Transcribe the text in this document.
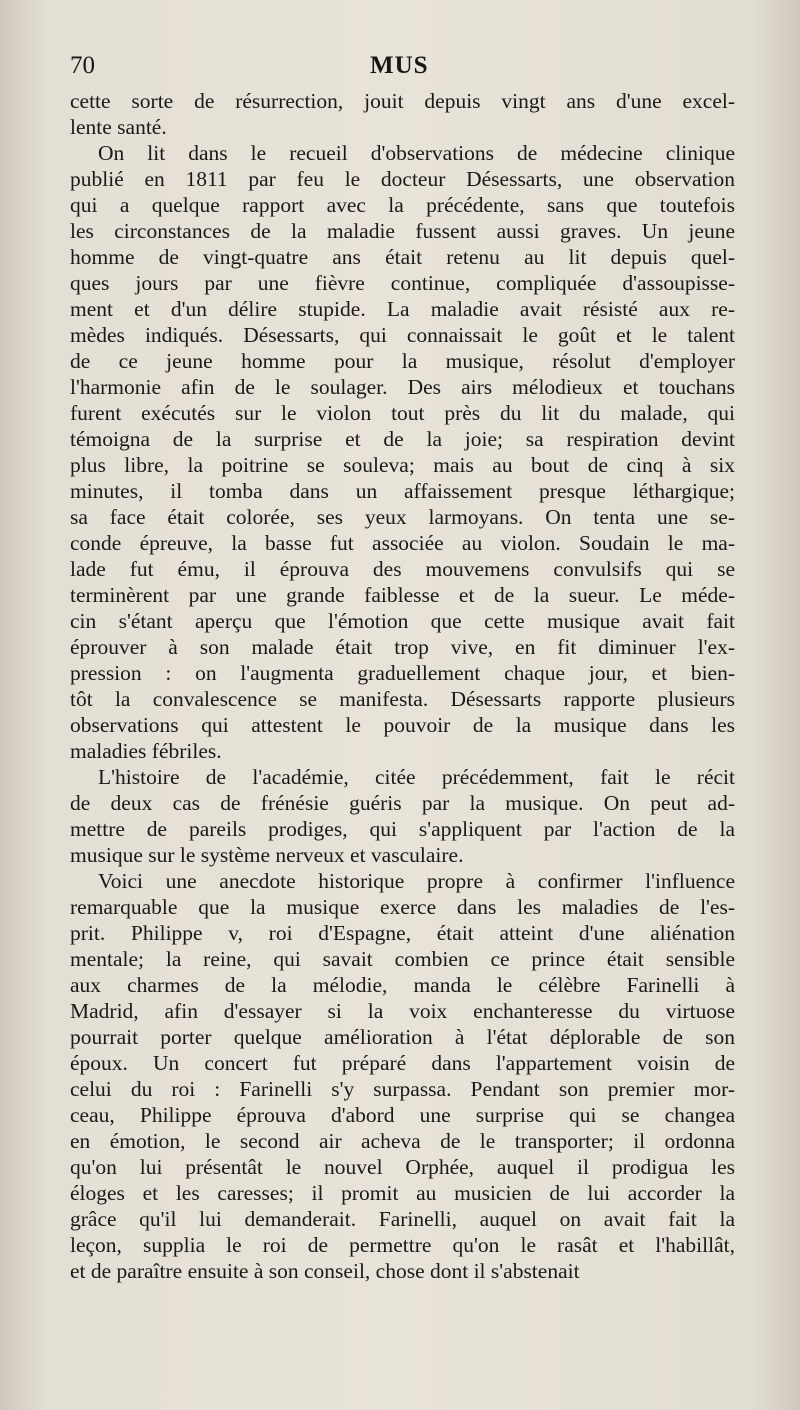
70	MUS
cette sorte de résurrection, jouit depuis vingt ans d'une excel-
lente santé.
On lit dans le recueil d'observations de médecine clinique
publié en 1811 par feu le docteur Désessarts, une observation
qui a quelque rapport avec la précédente, sans que toutefois
les circonstances de la maladie fussent aussi graves. Un jeune
homme de vingt-quatre ans était retenu au lit depuis quel-
ques jours par une fièvre continue, compliquée d'assoupisse-
ment et d'un délire stupide. La maladie avait résisté aux re-
mèdes indiqués. Désessarts, qui connaissait le goût et le talent
de ce jeune homme pour la musique, résolut d'employer
l'harmonie afin de le soulager. Des airs mélodieux et touchans
furent exécutés sur le violon tout près du lit du malade, qui
témoigna de la surprise et de la joie; sa respiration devint
plus libre, la poitrine se souleva; mais au bout de cinq à six
minutes, il tomba dans un affaissement presque léthargique;
sa face était colorée, ses yeux larmoyans. On tenta une se-
conde épreuve, la basse fut associée au violon. Soudain le ma-
lade fut ému, il éprouva des mouvemens convulsifs qui se
terminèrent par une grande faiblesse et de la sueur. Le méde-
cin s'étant aperçu que l'émotion que cette musique avait fait
éprouver à son malade était trop vive, en fit diminuer l'ex-
pression : on l'augmenta graduellement chaque jour, et bien-
tôt la convalescence se manifesta. Désessarts rapporte plusieurs
observations qui attestent le pouvoir de la musique dans les
maladies fébriles.
L'histoire de l'académie, citée précédemment, fait le récit
de deux cas de frénésie guéris par la musique. On peut ad-
mettre de pareils prodiges, qui s'appliquent par l'action de la
musique sur le système nerveux et vasculaire.
Voici une anecdote historique propre à confirmer l'influence
remarquable que la musique exerce dans les maladies de l'es-
prit. Philippe v, roi d'Espagne, était atteint d'une aliénation
mentale; la reine, qui savait combien ce prince était sensible
aux charmes de la mélodie, manda le célèbre Farinelli à
Madrid, afin d'essayer si la voix enchanteresse du virtuose
pourrait porter quelque amélioration à l'état déplorable de son
époux. Un concert fut préparé dans l'appartement voisin de
celui du roi : Farinelli s'y surpassa. Pendant son premier mor-
ceau, Philippe éprouva d'abord une surprise qui se changea
en émotion, le second air acheva de le transporter; il ordonna
qu'on lui présentât le nouvel Orphée, auquel il prodigua les
éloges et les caresses; il promit au musicien de lui accorder la
grâce qu'il lui demanderait. Farinelli, auquel on avait fait la
leçon, supplia le roi de permettre qu'on le rasât et l'habillât,
et de paraître ensuite à son conseil, chose dont il s'abstenait
